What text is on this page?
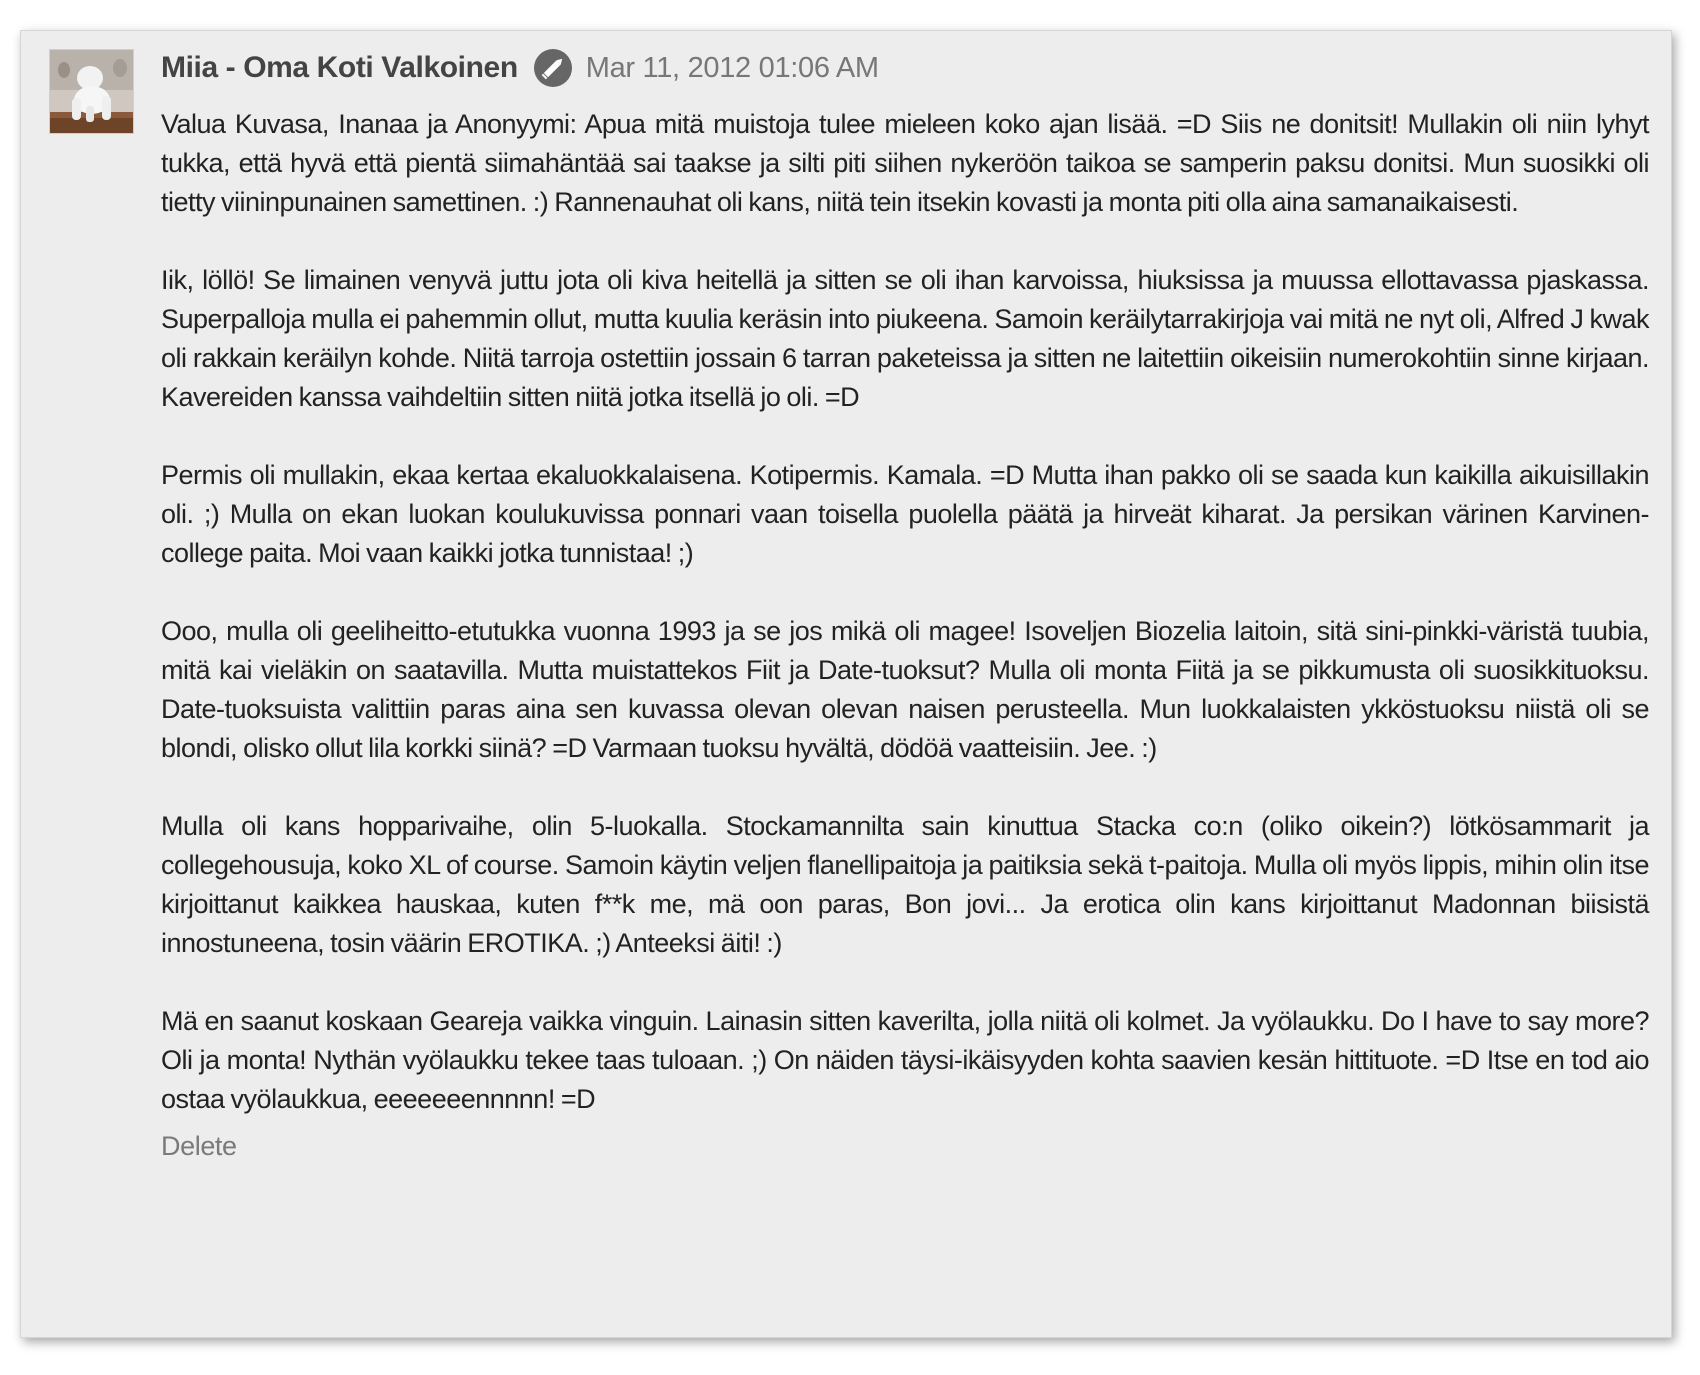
Miia - Oma Koti Valkoinen Mar 11, 2012 01:06 AM

Valua Kuvasa, Inanaa ja Anonyymi: Apua mitä muistoja tulee mieleen koko ajan lisää. =D Siis ne donitsit! Mullakin oli niin lyhyt tukka, että hyvä että pientä siimahäntää sai taakse ja silti piti siihen nykeröön taikoa se samperin paksu donitsi. Mun suosikki oli tietty viininpunainen samettinen. :) Rannenauhat oli kans, niitä tein itsekin kovasti ja monta piti olla aina samanaikaisesti.

Iik, löllö! Se limainen venyvä juttu jota oli kiva heitellä ja sitten se oli ihan karvoissa, hiuksissa ja muussa ellottavassa pjaskassa. Superpalloja mulla ei pahemmin ollut, mutta kuulia keräsin into piukeena. Samoin keräilytarrakirjoja vai mitä ne nyt oli, Alfred J kwak oli rakkain keräilyn kohde. Niitä tarroja ostettiin jossain 6 tarran paketeissa ja sitten ne laitettiin oikeisiin numerokohtiin sinne kirjaan. Kavereiden kanssa vaihdeltiin sitten niitä jotka itsellä jo oli. =D

Permis oli mullakin, ekaa kertaa ekaluokkalaisena. Kotipermis. Kamala. =D Mutta ihan pakko oli se saada kun kaikilla aikuisillakin oli. ;) Mulla on ekan luokan koulukuvissa ponnari vaan toisella puolella päätä ja hirveät kiharat. Ja persikan värinen Karvinen-college paita. Moi vaan kaikki jotka tunnistaa! ;)

Ooo, mulla oli geeliheitto-etutukka vuonna 1993 ja se jos mikä oli magee! Isoveljen Biozelia laitoin, sitä sini-pinkki-väristä tuubia, mitä kai vieläkin on saatavilla. Mutta muistattekos Fiit ja Date-tuoksut? Mulla oli monta Fiitä ja se pikkumusta oli suosikkituoksu. Date-tuoksuista valittiin paras aina sen kuvassa olevan olevan naisen perusteella. Mun luokkalaisten ykköstuoksu niistä oli se blondi, olisko ollut lila korkki siinä? =D Varmaan tuoksu hyvältä, dödöä vaatteisiin. Jee. :)

Mulla oli kans hopparivaihe, olin 5-luokalla. Stockamannilta sain kinuttua Stacka co:n (oliko oikein?) lötkösammarit ja collegehousuja, koko XL of course. Samoin käytin veljen flanellipaitoja ja paitiksia sekä t-paitoja. Mulla oli myös lippis, mihin olin itse kirjoittanut kaikkea hauskaa, kuten f**k me, mä oon paras, Bon jovi... Ja erotica olin kans kirjoittanut Madonnan biisistä innostuneena, tosin väärin EROTIKA. ;) Anteeksi äiti! :)

Mä en saanut koskaan Geareja vaikka vinguin. Lainasin sitten kaverilta, jolla niitä oli kolmet. Ja vyölaukku. Do I have to say more? Oli ja monta! Nythän vyölaukku tekee taas tuloaan. ;) On näiden täysi-ikäisyyden kohta saavien kesän hittituote. =D Itse en tod aio ostaa vyölaukkua, eeeeeeennnnn! =D

Delete
